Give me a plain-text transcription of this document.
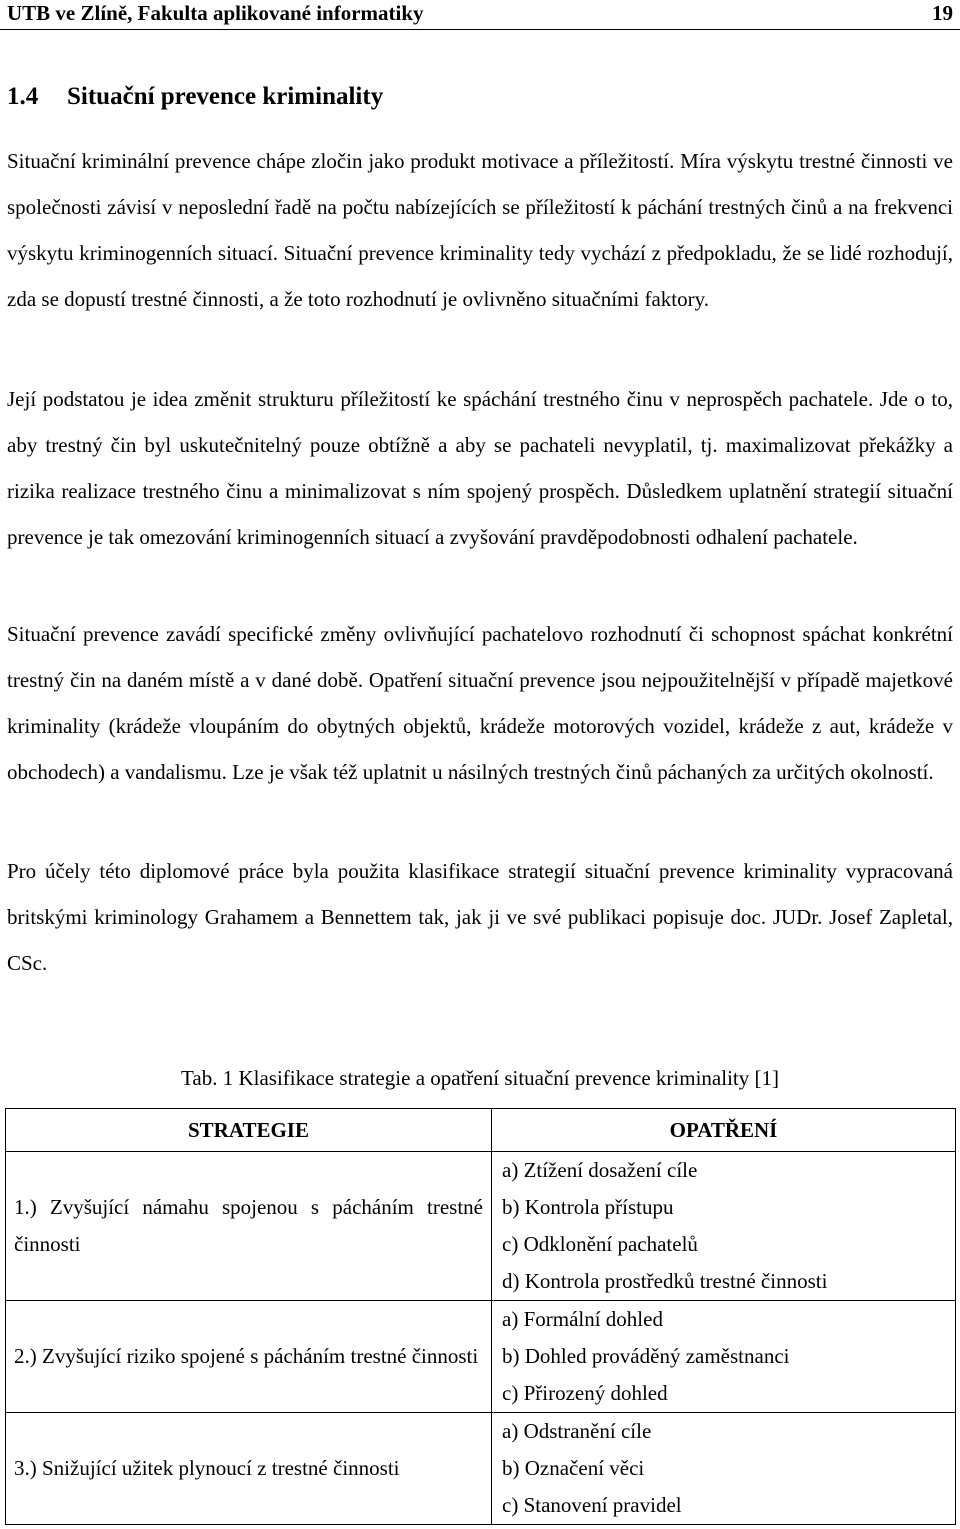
UTB ve Zlíně, Fakulta aplikované informatiky	19
1.4 Situační prevence kriminality

Situační kriminální prevence chápe zločin jako produkt motivace a příležitostí. Míra výskytu trestné činnosti ve společnosti závisí v neposlední řadě na počtu nabízejících se příležitostí k páchání trestných činů a na frekvenci výskytu kriminogenních situací. Situační prevence kriminality tedy vychází z předpokladu, že se lidé rozhodují, zda se dopustí trestné činnosti, a že toto rozhodnutí je ovlivněno situačními faktory.

Její podstatou je idea změnit strukturu příležitostí ke spáchání trestného činu v neprospěch pachatele. Jde o to, aby trestný čin byl uskutečnitelný pouze obtížně a aby se pachateli nevyplatil, tj. maximalizovat překážky a rizika realizace trestného činu a minimalizovat s ním spojený prospěch. Důsledkem uplatnění strategií situační prevence je tak omezování kriminogenních situací a zvyšování pravděpodobnosti odhalení pachatele.

Situační prevence zavádí specifické změny ovlivňující pachatelovo rozhodnutí či schopnost spáchat konkrétní trestný čin na daném místě a v dané době. Opatření situační prevence jsou nejpoužitelnější v případě majetkové kriminality (krádeže vloupáním do obytných objektů, krádeže motorových vozidel, krádeže z aut, krádeže v obchodech) a vandalismu. Lze je však též uplatnit u násilných trestných činů páchaných za určitých okolností.

Pro účely této diplomové práce byla použita klasifikace strategií situační prevence kriminality vypracovaná britskými kriminology Grahamem a Bennettem tak, jak ji ve své publikaci popisuje doc. JUDr. Josef Zapletal, CSc.

Tab. 1 Klasifikace strategie a opatření situační prevence kriminality [1]
STRATEGIE	OPATŘENÍ
1.) Zvyšující námahu spojenou s pácháním trestné činnosti	a) Ztížení dosažení cíle
b) Kontrola přístupu
c) Odklonění pachatelů
d) Kontrola prostředků trestné činnosti

2.) Zvyšující riziko spojené s pácháním trestné činnosti	a) Formální dohled
b) Dohled prováděný zaměstnanci
c) Přirozený dohled

3.) Snižující užitek plynoucí z trestné činnosti	a) Odstranění cíle
b) Označení věci
c) Stanovení pravidel
